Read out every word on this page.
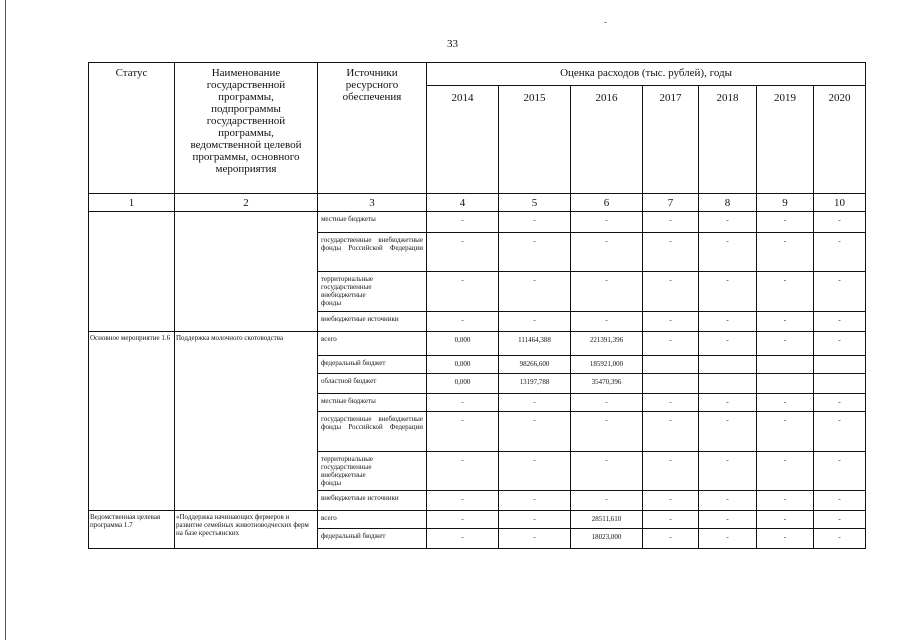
33
Статус	Наименование государственной программы, подпрограммы государственной программы, ведомственной целевой программы, основного мероприятия	Источники ресурсного обеспечения	Оценка расходов (тыс. рублей), годы						
			2014	2015	2016	2017	2018	2019	2020
1	2	3	4	5	6	7	8	9	10
		местные бюджеты	-	-	-	-	-	-	-
		государственные внебюджетные фонды Российской Федерации	-	-	-	-	-	-	-
		территориальные государственные внебюджетные фонды	-	-	-	-	-	-	-
		внебюджетные источники	-	-	-	-	-	-	-
Основное мероприятие 1.6	Поддержка молочного скотоводства	всего	0,000	111464,388	221391,396	-	-	-	-
		федеральный бюджет	0,000	98266,600	185921,000				
		областной бюджет	0,000	13197,788	35470,396				
		местные бюджеты	-	-	-	-	-	-	-
		государственные внебюджетные фонды Российской Федерации	-	-	-	-	-	-	-
		территориальные государственные внебюджетные фонды	-	-	-	-	-	-	-
		внебюджетные источники	-	-	-	-	-	-	-
Ведомственная целевая программа 1.7	«Поддержка начинающих фермеров и развитие семейных животноводческих ферм на базе крестьянских	всего	-	-	28511,610	-	-	-	-
		федеральный бюджет	-	-	18023,000	-	-	-	-
